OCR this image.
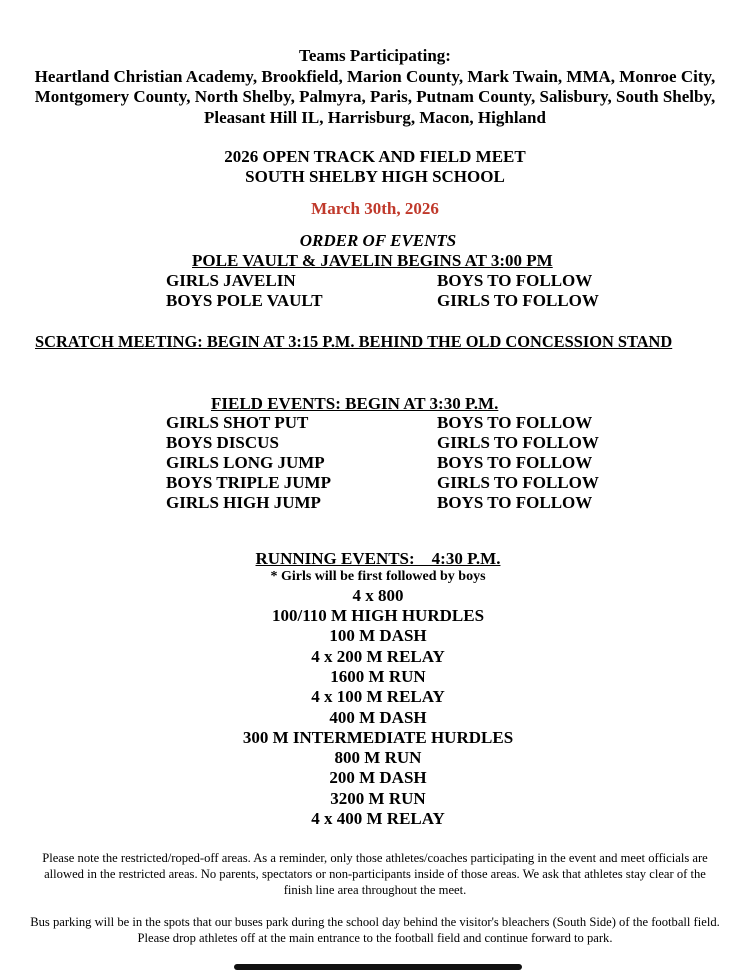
Teams Participating:
Heartland Christian Academy, Brookfield, Marion County, Mark Twain, MMA, Monroe City, Montgomery County, North Shelby, Palmyra, Paris, Putnam County, Salisbury, South Shelby, Pleasant Hill IL, Harrisburg, Macon, Highland
2026 OPEN TRACK AND FIELD MEET
SOUTH SHELBY HIGH SCHOOL
March 30th, 2026
ORDER OF EVENTS
POLE VAULT & JAVELIN BEGINS AT 3:00 PM
GIRLS JAVELIN	BOYS TO FOLLOW
BOYS POLE VAULT	GIRLS TO FOLLOW
SCRATCH MEETING: BEGIN AT 3:15 P.M. BEHIND THE OLD CONCESSION STAND
FIELD EVENTS: BEGIN AT 3:30 P.M.
GIRLS SHOT PUT	BOYS TO FOLLOW
BOYS DISCUS	GIRLS TO FOLLOW
GIRLS LONG JUMP	BOYS TO FOLLOW
BOYS TRIPLE JUMP	GIRLS TO FOLLOW
GIRLS HIGH JUMP	BOYS TO FOLLOW
RUNNING EVENTS:    4:30 P.M.
* Girls will be first followed by boys
4 x 800
100/110 M HIGH HURDLES
100 M DASH
4 x 200 M RELAY
1600 M RUN
4 x 100 M RELAY
400 M DASH
300 M INTERMEDIATE HURDLES
800 M RUN
200 M DASH
3200 M RUN
4 x 400 M RELAY
Please note the restricted/roped-off areas. As a reminder, only those athletes/coaches participating in the event and meet officials are allowed in the restricted areas. No parents, spectators or non-participants inside of those areas. We ask that athletes stay clear of the finish line area throughout the meet.
Bus parking will be in the spots that our buses park during the school day behind the visitor's bleachers (South Side) of the football field. Please drop athletes off at the main entrance to the football field and continue forward to park.
